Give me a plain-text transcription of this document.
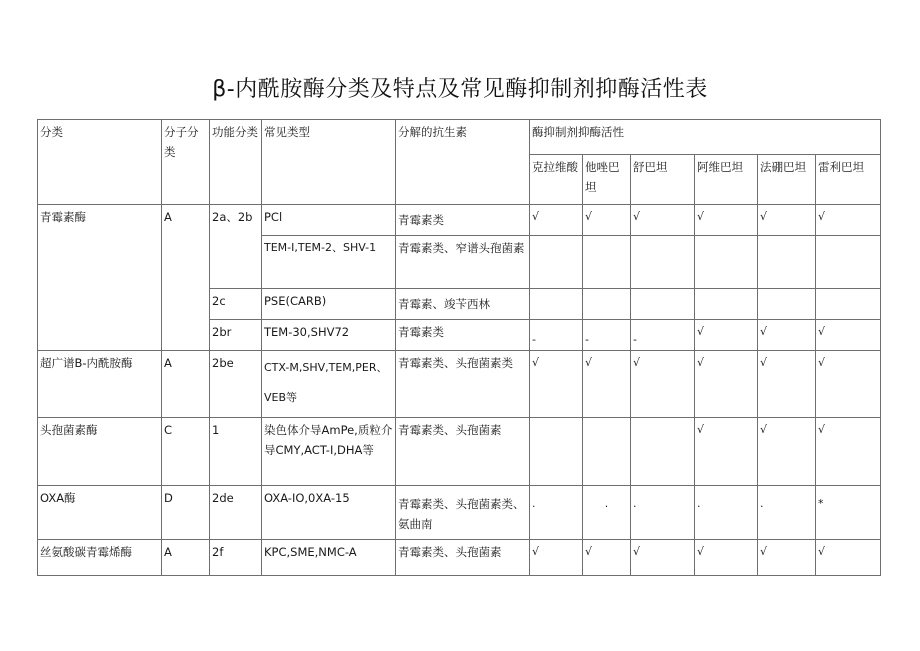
β-内酰胺酶分类及特点及常见酶抑制剂抑酶活性表
分类	分子分类	功能分类	常见类型	分解的抗生素	酶抑制剂抑酶活性					
					克拉维酸	他唑巴坦	舒巴坦	阿维巴坦	法硼巴坦	雷利巴坦
青霉素酶	A	2a、2b	PCl	青霉素类	√	√	√	√	√	√
			TEM-I,TEM-2、SHV-1	青霉素类、窄谱头孢菌素						
		2c	PSE(CARB)	青霉素、竣苄西林						
		2br	TEM-30,SHV72	青霉素类	-	-	-	√	√	√
超广谱B-内酰胺酶	A	2be	CTX-M,SHV,TEM,PER、VEB等	青霉素类、头孢菌素类	√	√	√	√	√	√
头孢菌素酶	C	1	染色体介导AmPe,质粒介导CMY,ACT-I,DHA等	青霉素类、头孢菌素				√	√	√
OXA酶	D	2de	OXA-IO,0XA-15	青霉素类、头孢菌素类、氨曲南	.	.	.	.	.	*
丝氨酸碳青霉烯酶	A	2f	KPC,SME,NMC-A	青霉素类、头孢菌素	√	√	√	√	√	√
